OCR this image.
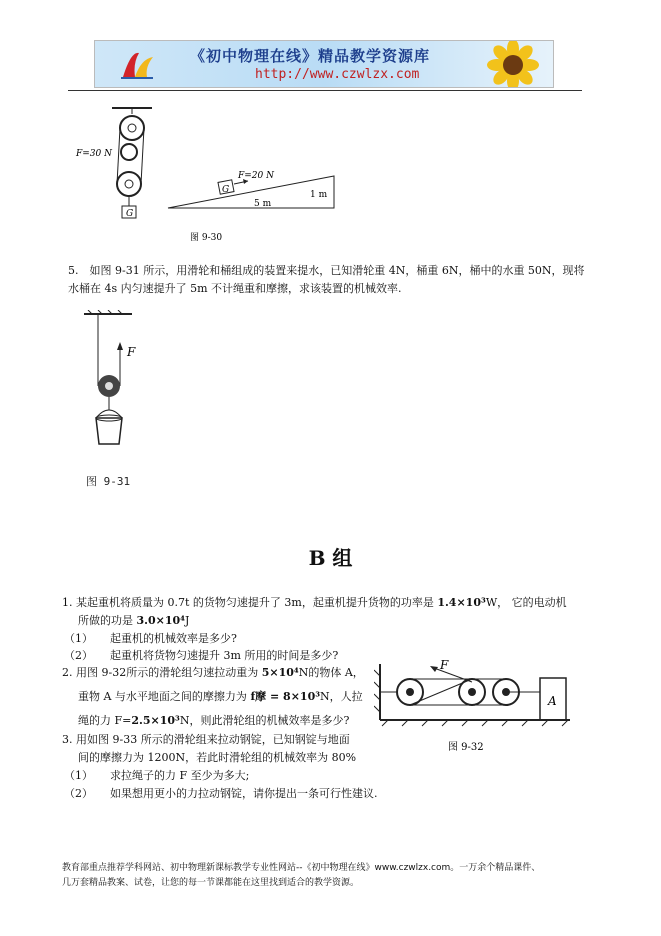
《初中物理在线》精品教学资源库
http://www.czwlzx.com
G
F=30 N
G
F=20 N
1 m
5 m
图 9-30
5.　如图 9-31 所示，用滑轮和桶组成的装置来提水，已知滑轮重 4N，桶重 6N，桶中的水重 50N，现将
水桶在 4s 内匀速提升了 5m 不计绳重和摩擦，求该装置的机械效率.
F
图 9-31
B 组
1. 某起重机将质量为 0.7t 的货物匀速提升了 3m，起重机提升货物的功率是 1.4×10³W， 它的电动机
所做的功是 3.0×10⁴J
（1） 起重机的机械效率是多少?
（2） 起重机将货物匀速提升 3m 所用的时间是多少?
2. 用图 9-32所示的滑轮组匀速拉动重为 5×10⁴N的物体 A，
重物 A 与水平地面之间的摩擦力为 f摩 = 8×10³N，人拉
绳的力 F=2.5×10³N，则此滑轮组的机械效率是多少?
F
A
图 9-32
3. 用如图 9-33 所示的滑轮组来拉动钢锭，已知钢锭与地面
间的摩擦力为 1200N，若此时滑轮组的机械效率为 80%
（1） 求拉绳子的力 F 至少为多大;
（2） 如果想用更小的力拉动钢锭，请你提出一条可行性建议.
教育部重点推荐学科网站、初中物理新课标教学专业性网站--《初中物理在线》www.czwlzx.com。一万余个精品课件、
几万套精品教案、试卷，让您的每一节课都能在这里找到适合的教学资源。
